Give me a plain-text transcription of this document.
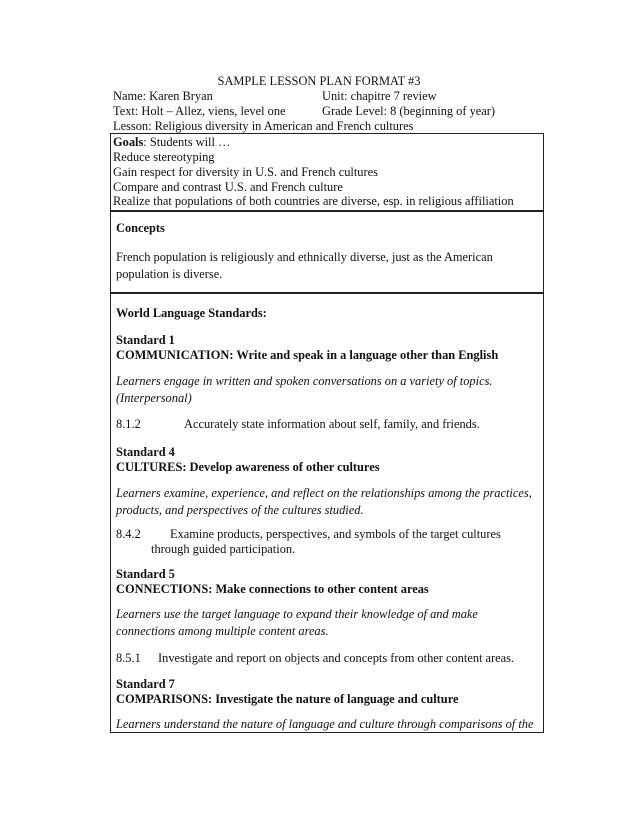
SAMPLE LESSON PLAN FORMAT #3
Name: Karen Bryan	Unit: chapitre 7 review
Text: Holt – Allez, viens, level one	Grade Level: 8 (beginning of year)
Lesson: Religious diversity in American and French cultures
Goals: Students will …
Reduce stereotyping
Gain respect for diversity in U.S. and French cultures
Compare and contrast U.S. and French culture
Realize that populations of both countries are diverse, esp. in religious affiliation
Concepts
French population is religiously and ethnically diverse, just as the American
population is diverse.
World Language Standards:
Standard 1
COMMUNICATION: Write and speak in a language other than English
Learners engage in written and spoken conversations on a variety of topics.
(Interpersonal)
8.1.2	Accurately state information about self, family, and friends.
Standard 4
CULTURES: Develop awareness of other cultures
Learners examine, experience, and reflect on the relationships among the practices,
products, and perspectives of the cultures studied.
8.4.2 Examine products, perspectives, and symbols of the target cultures
through guided participation.
Standard 5
CONNECTIONS: Make connections to other content areas
Learners use the target language to expand their knowledge of and make
connections among multiple content areas.
8.5.1 Investigate and report on objects and concepts from other content areas.
Standard 7
COMPARISONS: Investigate the nature of language and culture
Learners understand the nature of language and culture through comparisons of the
